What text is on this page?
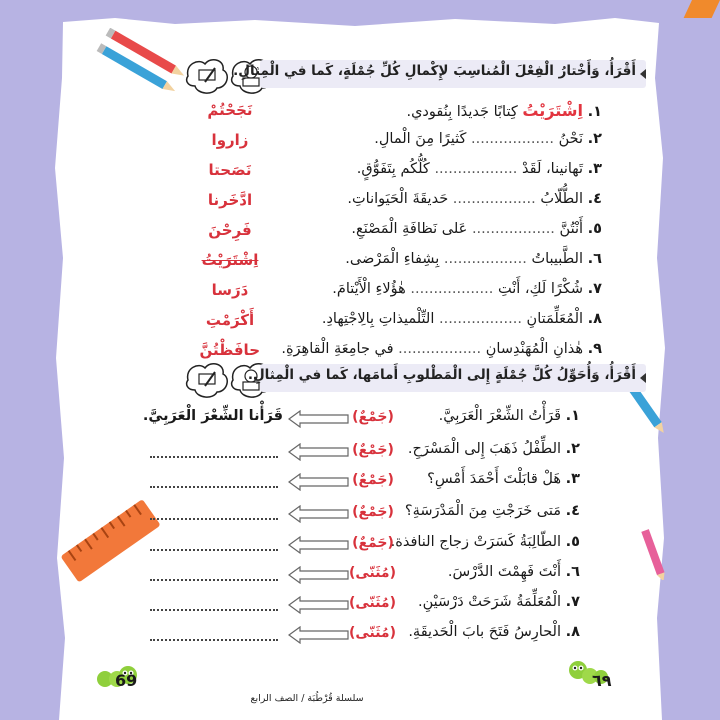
أَقْرَأُ، وَأَخْتارُ الْفِعْلَ الْمُناسِبَ لإِكْمالِ كُلِّ جُمْلَةٍ، كَما في الْمِثالِ.
١. اِشْتَرَيْتُ كِتابًا جَديدًا بِنُقودي.
٢. نَحْنُ .................. كَثيرًا مِنَ الْمالِ.
٣. تَهانينا، لَقَدْ .................. كُلُّكُم بِتَفَوُّقٍ.
٤. الطُّلّابُ .................. حَديقَةَ الْحَيَواناتِ.
٥. أَنْتُنَّ .................. عَلى نَظافَةِ الْمَصْنَعِ.
٦. الطَّبيباتُ .................. بِشِفاءِ الْمَرْضى.
٧. شُكْرًا لَكِ، أَنْتِ .................. هٰؤُلاءِ الْأَيْتامَ.
٨. الْمُعَلِّمَتانِ .................. التِّلْميذاتِ بِالِاجْتِهادِ.
٩. هٰذانِ الْمُهَنْدِسانِ .................. في جامِعَةِ الْقاهِرَةِ.
نَجَحْتُمْ
زاروا
نَصَحتا
ادَّخَرنا
فَرِحْنَ
اِشْتَرَيْتُ
دَرَسا
أَكْرَمْتِ
حافَظْتُنَّ
أَقْرَأُ، وَأُحَوِّلُ كُلَّ جُمْلَةٍ إِلى الْمَطْلوبِ أَمامَها، كَما في الْمِثالِ.
١. قَرَأْتُ الشِّعْرَ الْعَرَبِيَّ.
٢. الطِّفْلُ ذَهَبَ إِلى الْمَسْرَحِ.
٣. هَلْ قابَلْتَ أَحْمَدَ أَمْسِ؟
٤. مَتى خَرَجْتِ مِنَ الْمَدْرَسَةِ؟
٥. الطّالِبَةُ كَسَرَتْ زجاج النافذة.
٦. أَنْتَ فَهِمْتَ الدَّرْسَ.
٧. الْمُعَلِّمَةُ شَرَحَتْ دَرْسَيْنِ.
٨. الْحارِسُ فَتَحَ بابَ الْحَديقَةِ.
(جَمْعٌ)
(جَمْعٌ)
(جَمْعٌ)
(جَمْعٌ)
(جَمْعٌ)
(مُثَنّى)
(مُثَنّى)
(مُثَنّى)
قَرَأْنا الشِّعْرَ الْعَرَبِيَّ.
69
سلسلة قُرْطُبَة / الصف الرابع
٦٩
